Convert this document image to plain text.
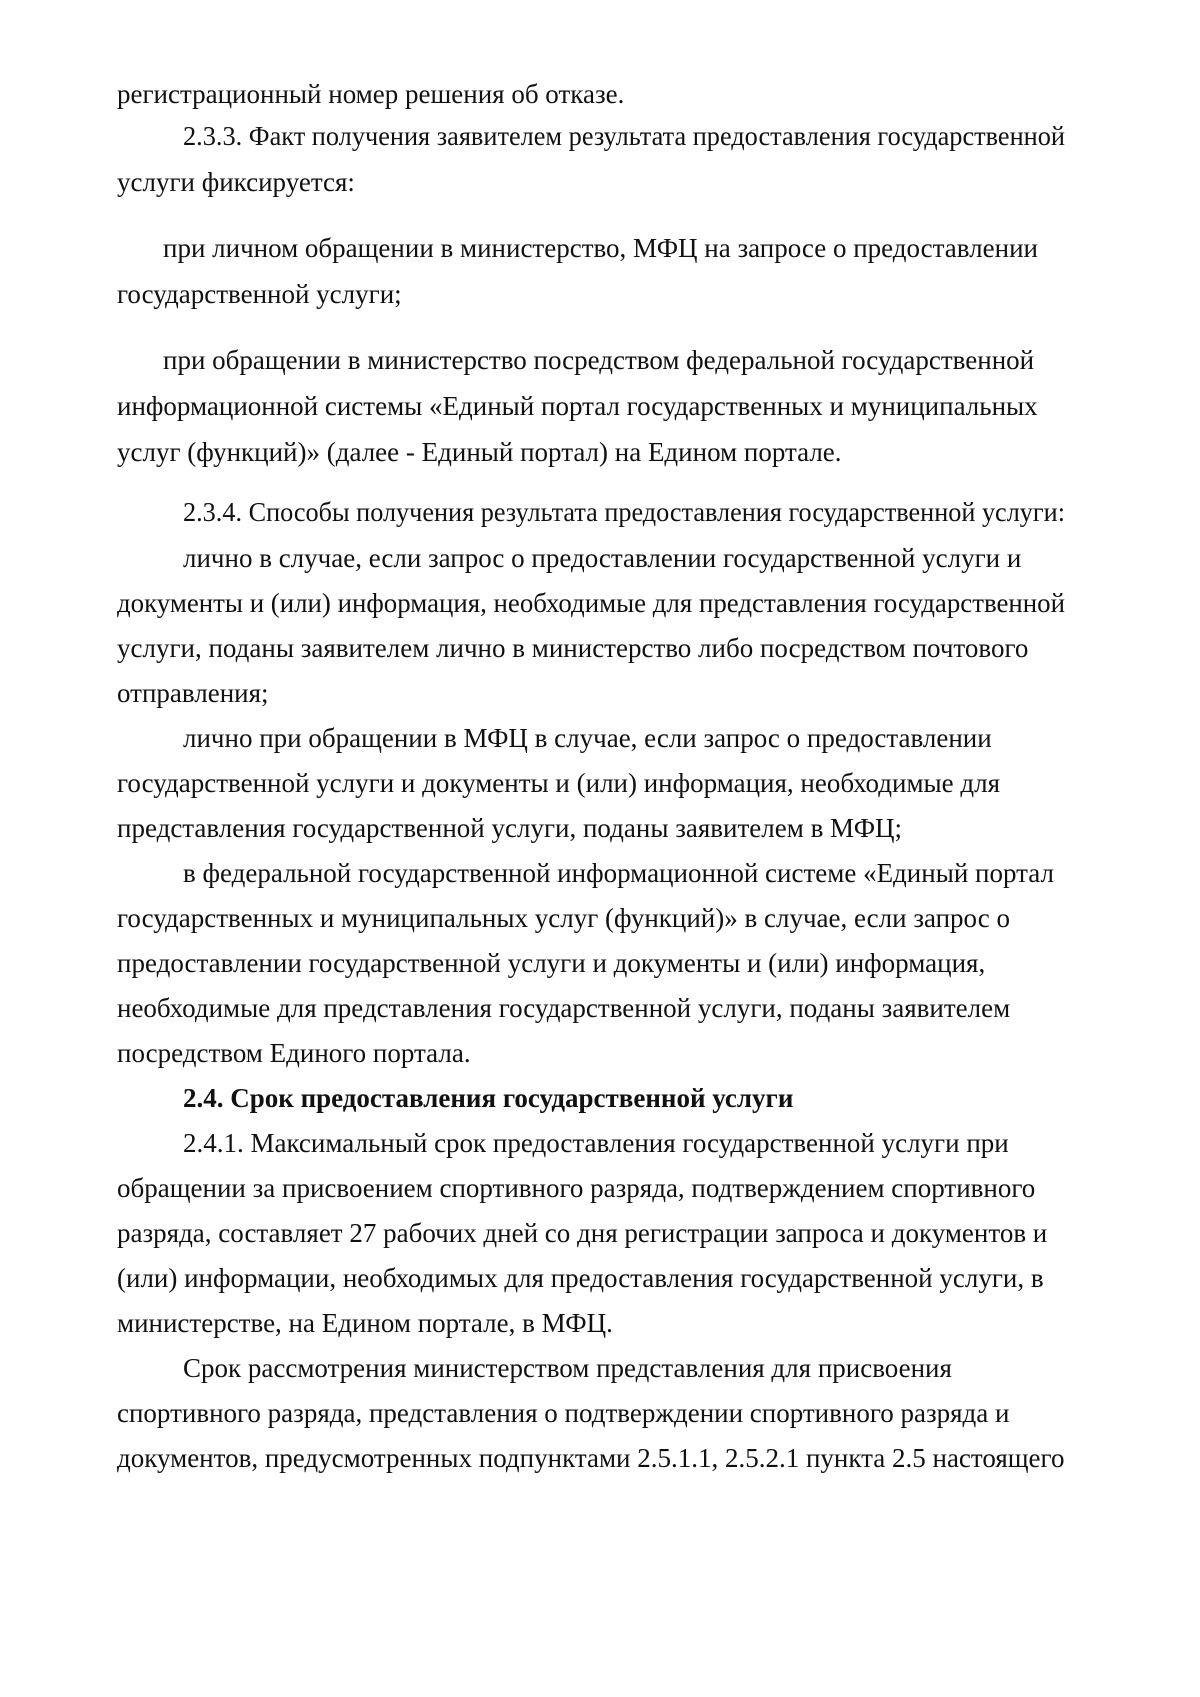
регистрационный номер решения об отказе.
2.3.3. Факт получения заявителем результата предоставления государственной
услуги фиксируется:
при личном обращении в министерство, МФЦ на запросе о предоставлении
государственной услуги;
при обращении в министерство посредством федеральной государственной
информационной системы «Единый портал государственных и муниципальных
услуг (функций)» (далее - Единый портал) на Едином портале.
2.3.4. Способы получения результата предоставления государственной услуги:
лично в случае, если запрос о предоставлении государственной услуги и
документы и (или) информация, необходимые для представления государственной
услуги, поданы заявителем лично в министерство либо посредством почтового
отправления;
лично при обращении в МФЦ в случае, если запрос о предоставлении
государственной услуги и документы и (или) информация, необходимые для
представления государственной услуги, поданы заявителем в МФЦ;
в федеральной государственной информационной системе «Единый портал
государственных и муниципальных услуг (функций)» в случае, если запрос о
предоставлении государственной услуги и документы и (или) информация,
необходимые для представления государственной услуги, поданы заявителем
посредством Единого портала.
2.4. Срок предоставления государственной услуги
2.4.1. Максимальный срок предоставления государственной услуги при
обращении за присвоением спортивного разряда, подтверждением спортивного
разряда, составляет 27 рабочих дней со дня регистрации запроса и документов и
(или) информации, необходимых для предоставления государственной услуги, в
министерстве, на Едином портале, в МФЦ.
Срок рассмотрения министерством представления для присвоения
спортивного разряда, представления о подтверждении спортивного разряда и
документов, предусмотренных подпунктами 2.5.1.1, 2.5.2.1 пункта 2.5 настоящего
